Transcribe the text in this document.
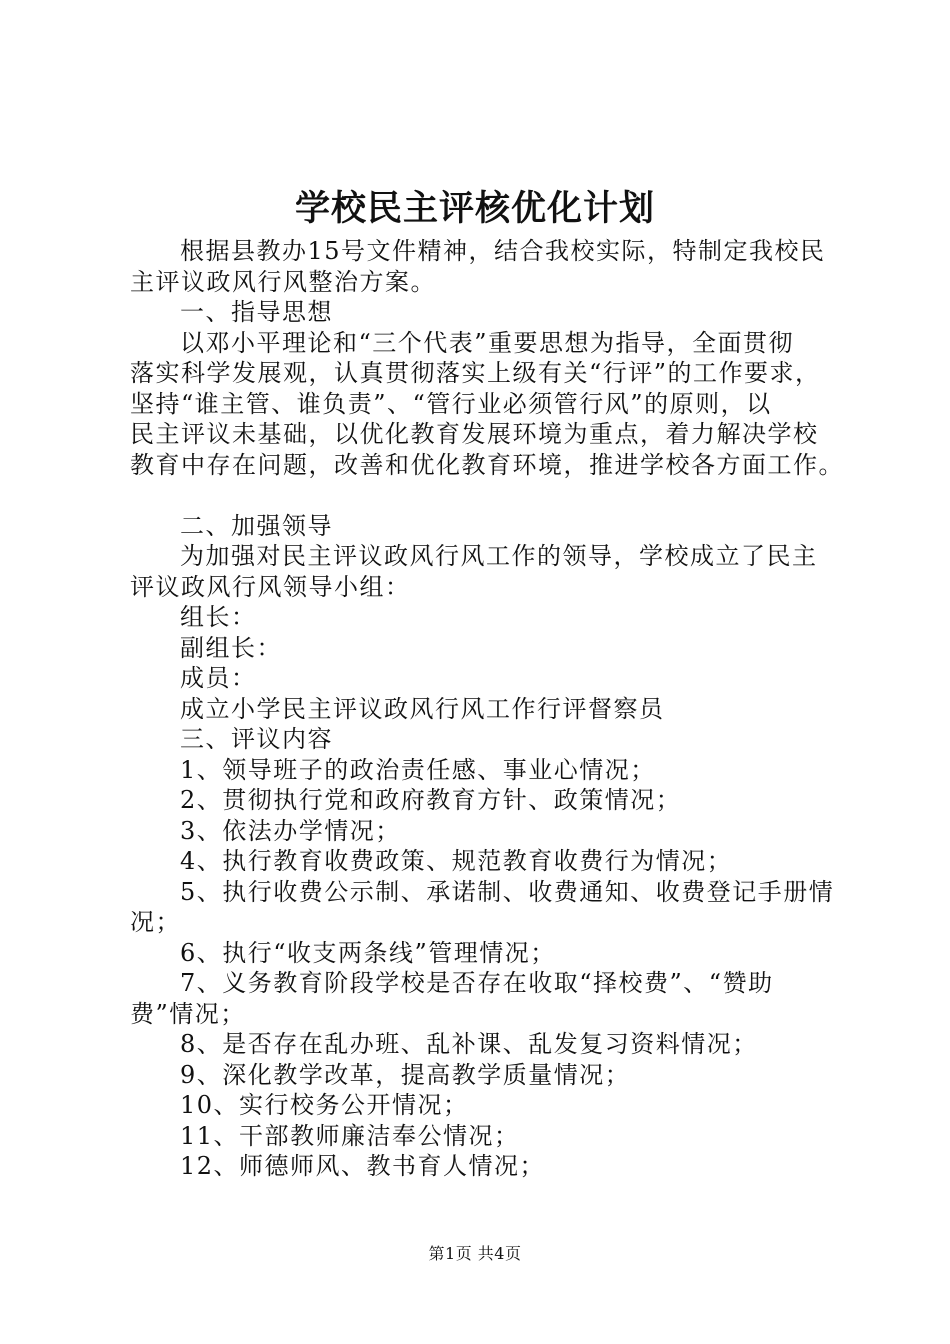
学校民主评核优化计划

根据县教办15号文件精神，结合我校实际，特制定我校民

主评议政风行风整治方案。

一、指导思想

以邓小平理论和“三个代表”重要思想为指导，全面贯彻

落实科学发展观，认真贯彻落实上级有关“行评”的工作要求，

坚持“谁主管、谁负责”、“管行业必须管行风”的原则，以

民主评议未基础，以优化教育发展环境为重点，着力解决学校

教育中存在问题，改善和优化教育环境，推进学校各方面工作。

二、加强领导

为加强对民主评议政风行风工作的领导，学校成立了民主

评议政风行风领导小组：

组长：

副组长：

成员：

成立小学民主评议政风行风工作行评督察员

三、评议内容

1、领导班子的政治责任感、事业心情况；

2、贯彻执行党和政府教育方针、政策情况；

3、依法办学情况；

4、执行教育收费政策、规范教育收费行为情况；

5、执行收费公示制、承诺制、收费通知、收费登记手册情

况；

6、执行“收支两条线”管理情况；

7、义务教育阶段学校是否存在收取“择校费”、“赞助

费”情况；

8、是否存在乱办班、乱补课、乱发复习资料情况；

9、深化教学改革，提高教学质量情况；

10、实行校务公开情况；

11、干部教师廉洁奉公情况；

12、师德师风、教书育人情况；

第1页 共4页
